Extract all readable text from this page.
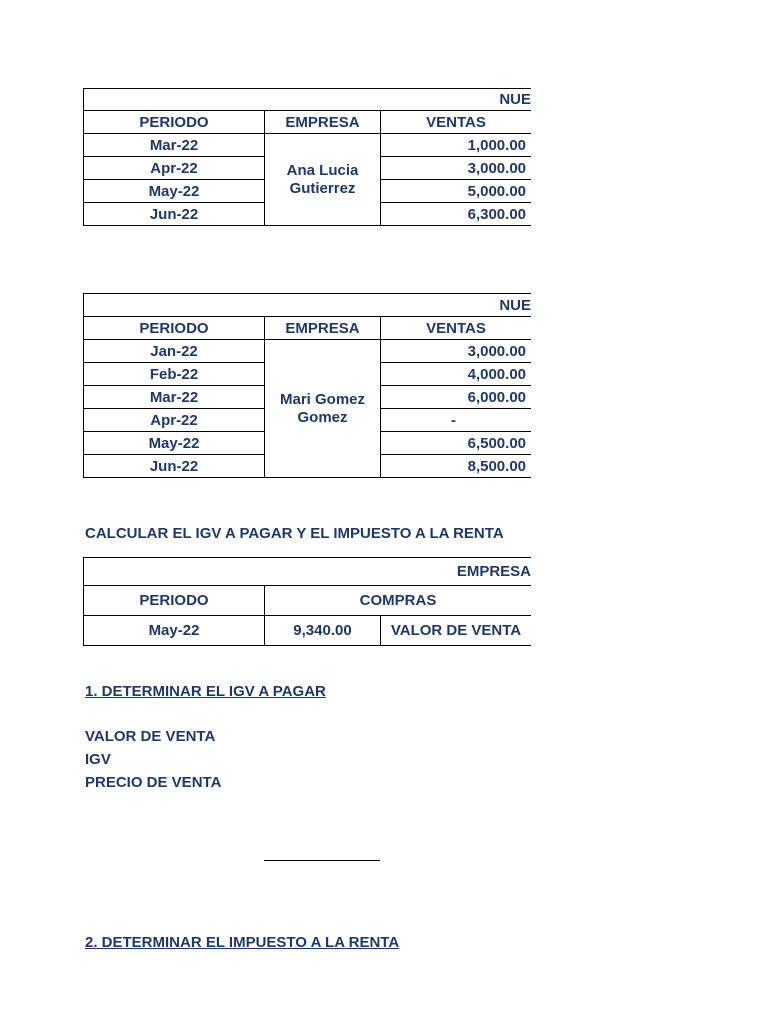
NUE		
PERIODO	EMPRESA	VENTAS
Mar-22	Ana Lucia Gutierrez	1,000.00
Apr-22		3,000.00
May-22		5,000.00
Jun-22		6,300.00
NUE		
PERIODO	EMPRESA	VENTAS
Jan-22	Mari Gomez Gomez	3,000.00
Feb-22		4,000.00
Mar-22		6,000.00
Apr-22		-
May-22		6,500.00
Jun-22		8,500.00
CALCULAR EL IGV A PAGAR Y EL IMPUESTO A LA RENTA
EMPRESA		
PERIODO	COMPRAS	
May-22	9,340.00	VALOR DE VENTA
1. DETERMINAR EL IGV A PAGAR
VALOR DE VENTA
IGV
PRECIO DE VENTA
2. DETERMINAR EL IMPUESTO A LA RENTA
